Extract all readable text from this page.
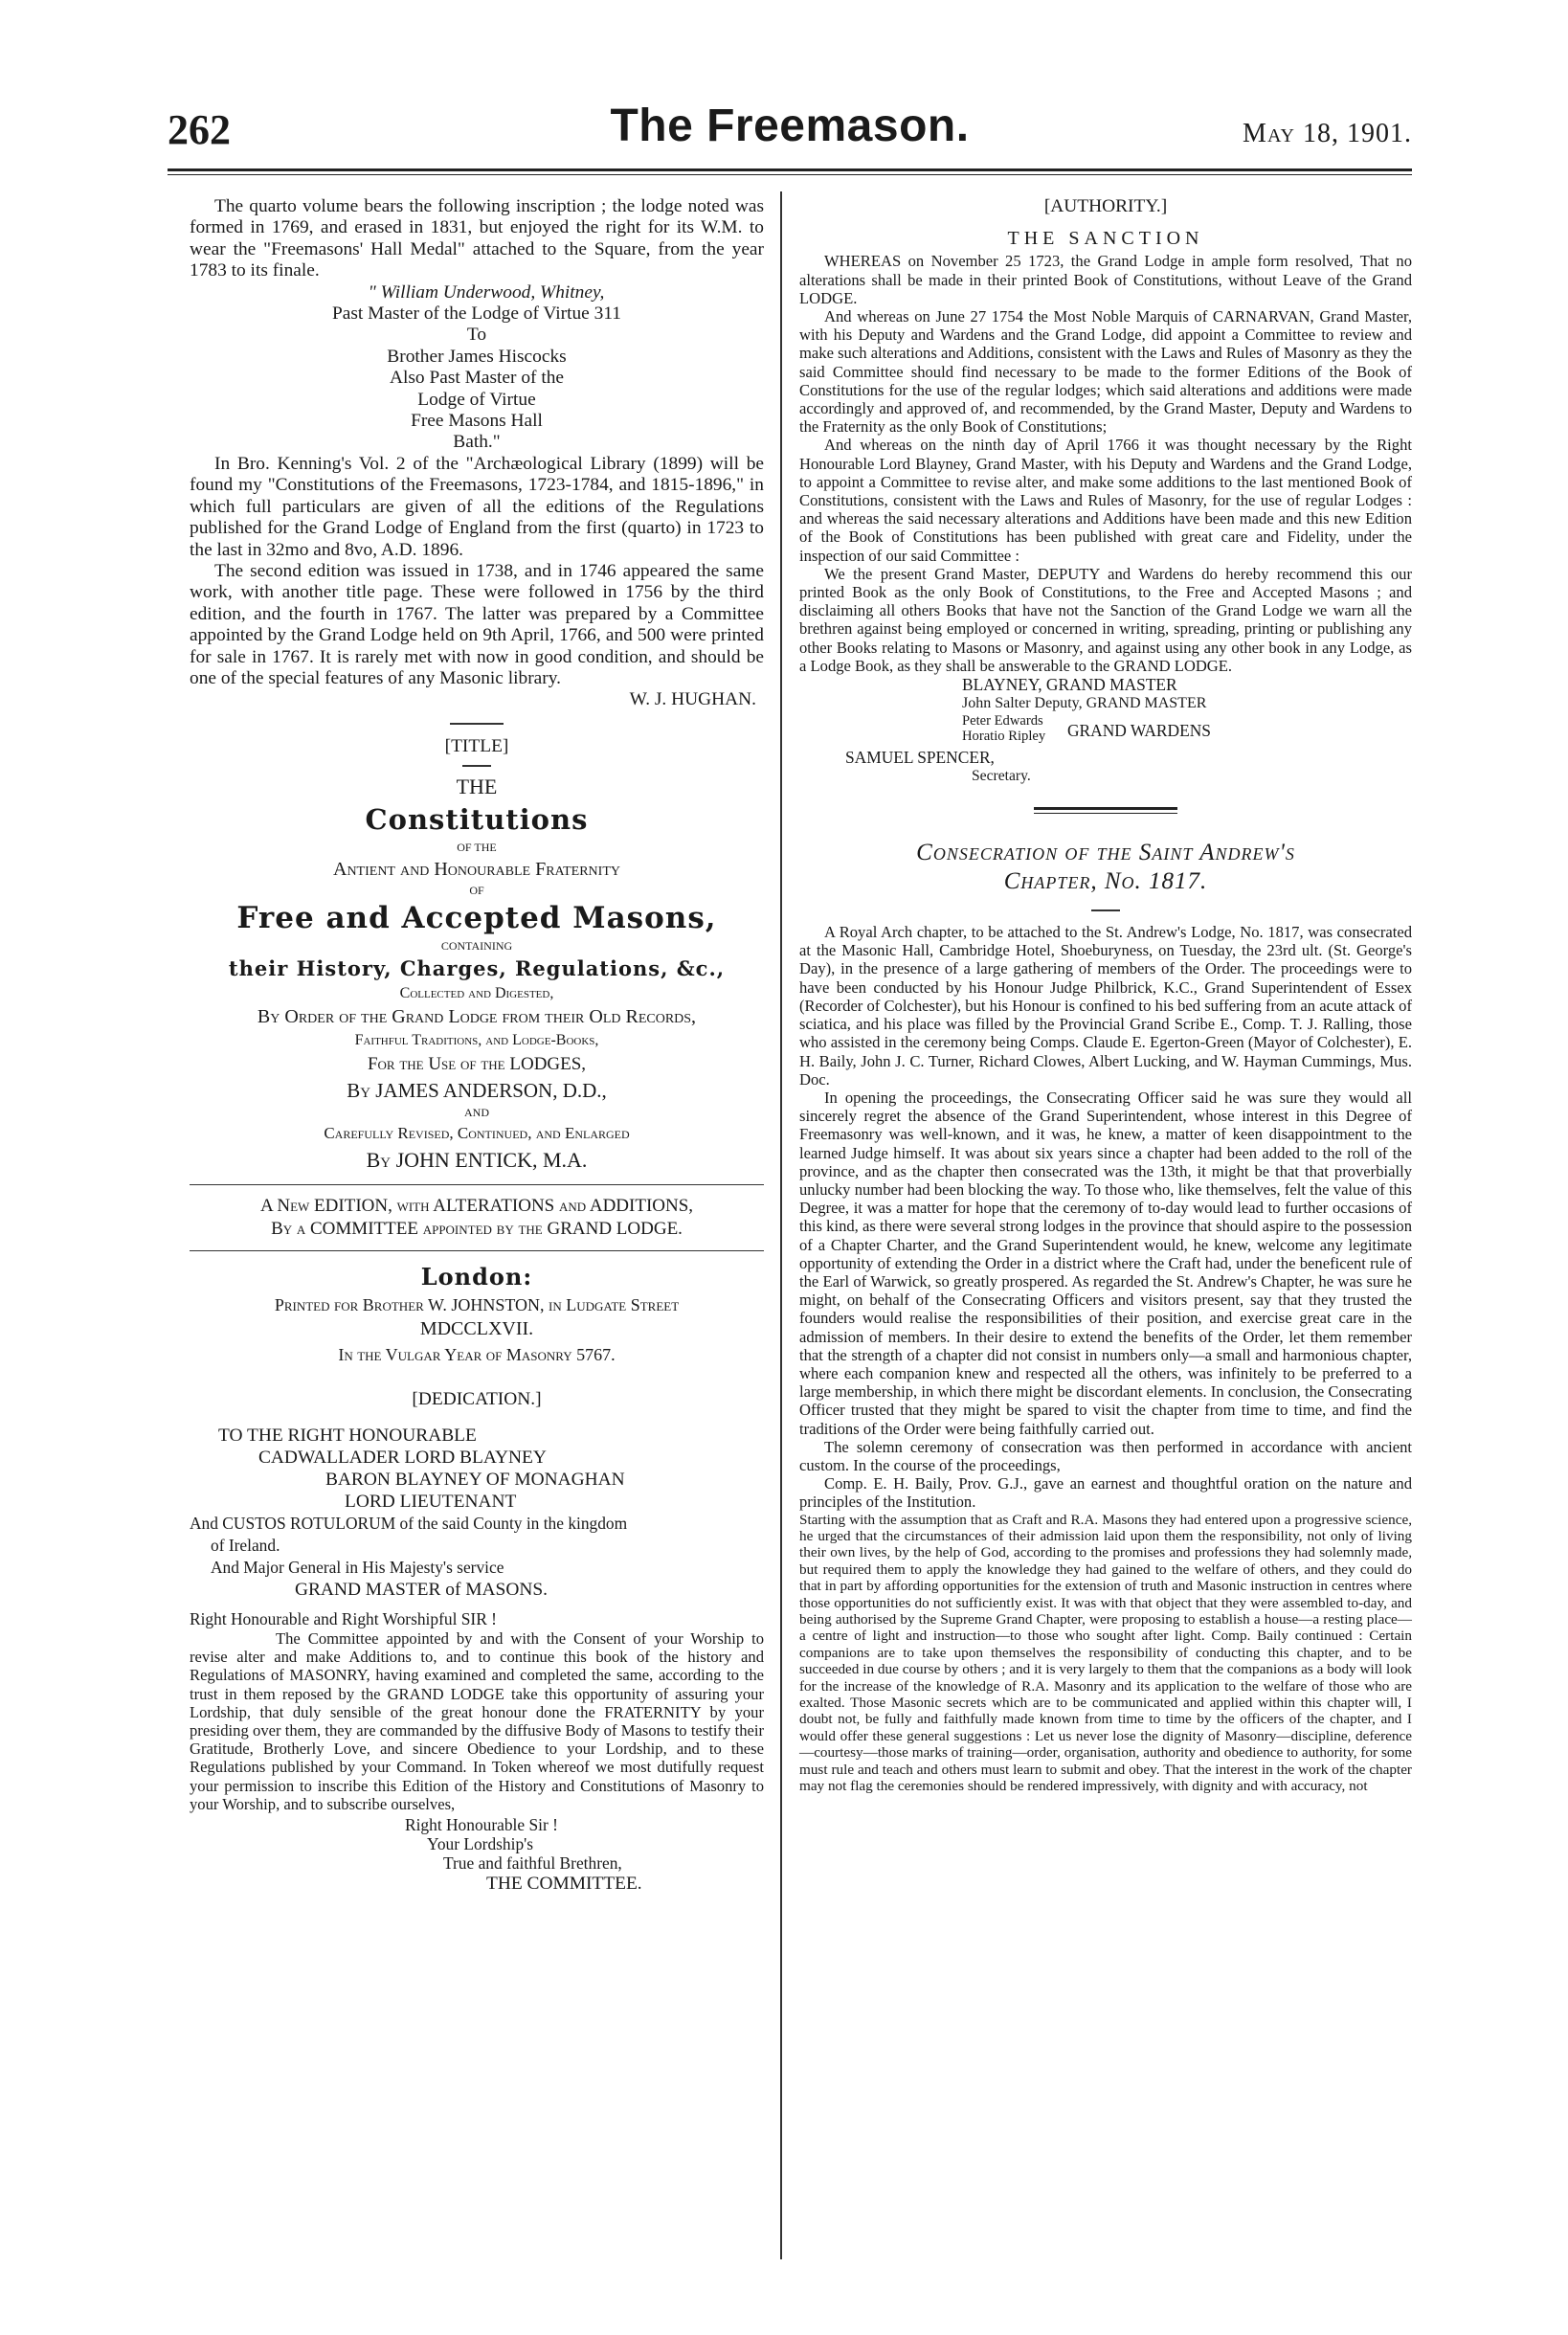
262	The Freemason.	May 18, 1901.

The quarto volume bears the following inscription ; the lodge noted was formed in 1769, and erased in 1831, but enjoyed the right for its W.M. to wear the "Freemasons' Hall Medal" attached to the Square, from the year 1783 to its finale.

" William Underwood, Whitney,
Past Master of the Lodge of Virtue 311
To
Brother James Hiscocks
Also Past Master of the
Lodge of Virtue
Free Masons Hall
Bath."

In Bro. Kenning's Vol. 2 of the "Archæological Library (1899) will be found my "Constitutions of the Freemasons, 1723-1784, and 1815-1896," in which full particulars are given of all the editions of the Regulations published for the Grand Lodge of England from the first (quarto) in 1723 to the last in 32mo and 8vo, A.D. 1896.

The second edition was issued in 1738, and in 1746 appeared the same work, with another title page. These were followed in 1756 by the third edition, and the fourth in 1767. The latter was prepared by a Committee appointed by the Grand Lodge held on 9th April, 1766, and 500 were printed for sale in 1767. It is rarely met with now in good condition, and should be one of the special features of any Masonic library.

W. J. HUGHAN.

[TITLE]

THE
Constitutions
OF THE
Antient and Honourable Fraternity
OF
Free and Accepted Masons,
CONTAINING
their History, Charges, Regulations, &c.,
Collected and Digested,
By Order of the Grand Lodge from their Old Records,
Faithful Traditions, and Lodge-Books,
For the Use of the LODGES,
By JAMES ANDERSON, D.D.,
AND
Carefully Revised, Continued, and Enlarged
By JOHN ENTICK, M.A.
A New EDITION, with ALTERATIONS and ADDITIONS,
By a COMMITTEE appointed by the GRAND LODGE.
London:
Printed for Brother W. JOHNSTON, in Ludgate Street
MDCCLXVII.
In the Vulgar Year of Masonry 5767.

[DEDICATION.]

TO THE RIGHT HONOURABLE
CADWALLADER LORD BLAYNEY
BARON BLAYNEY OF MONAGHAN
LORD LIEUTENANT
And CUSTOS ROTULORUM of the said County in the kingdom
of Ireland.
And Major General in His Majesty's service
GRAND MASTER of MASONS.

Right Honourable and Right Worshipful SIR !

The Committee appointed by and with the Consent of your Worship to revise alter and make Additions to, and to continue this book of the history and Regulations of MASONRY, having examined and completed the same, according to the trust in them reposed by the GRAND LODGE take this opportunity of assuring your Lordship, that duly sensible of the great honour done the FRATERNITY by your presiding over them, they are commanded by the diffusive Body of Masons to testify their Gratitude, Brotherly Love, and sincere Obedience to your Lordship, and to these Regulations published by your Command. In Token whereof we most dutifully request your permission to inscribe this Edition of the History and Constitutions of Masonry to your Worship, and to subscribe ourselves,

Right Honourable Sir !
Your Lordship's
True and faithful Brethren,
THE COMMITTEE.

[AUTHORITY.]

THE SANCTION

WHEREAS on November 25 1723, the Grand Lodge in ample form resolved, That no alterations shall be made in their printed Book of Constitutions, without Leave of the Grand LODGE.

And whereas on June 27 1754 the Most Noble Marquis of CARNARVAN, Grand Master, with his Deputy and Wardens and the Grand Lodge, did appoint a Committee to review and make such alterations and Additions, consistent with the Laws and Rules of Masonry as they the said Committee should find necessary to be made to the former Editions of the Book of Constitutions for the use of the regular lodges; which said alterations and additions were made accordingly and approved of, and recommended, by the Grand Master, Deputy and Wardens to the Fraternity as the only Book of Constitutions;

And whereas on the ninth day of April 1766 it was thought necessary by the Right Honourable Lord Blayney, Grand Master, with his Deputy and Wardens and the Grand Lodge, to appoint a Committee to revise alter, and make some additions to the last mentioned Book of Constitutions, consistent with the Laws and Rules of Masonry, for the use of regular Lodges : and whereas the said necessary alterations and Additions have been made and this new Edition of the Book of Constitutions has been published with great care and Fidelity, under the inspection of our said Committee :

We the present Grand Master, DEPUTY and Wardens do hereby recommend this our printed Book as the only Book of Constitutions, to the Free and Accepted Masons ; and disclaiming all others Books that have not the Sanction of the Grand Lodge we warn all the brethren against being employed or concerned in writing, spreading, printing or publishing any other Books relating to Masons or Masonry, and against using any other book in any Lodge, as a Lodge Book, as they shall be answerable to the GRAND LODGE.

BLAYNEY, GRAND MASTER
John Salter Deputy, GRAND MASTER
Peter Edwards
Horatio Ripley	GRAND WARDENS
SAMUEL SPENCER,
Secretary.
Consecration of the Saint Andrew's
Chapter, No. 1817.

A Royal Arch chapter, to be attached to the St. Andrew's Lodge, No. 1817, was consecrated at the Masonic Hall, Cambridge Hotel, Shoeburyness, on Tuesday, the 23rd ult. (St. George's Day), in the presence of a large gathering of members of the Order. The proceedings were to have been conducted by his Honour Judge Philbrick, K.C., Grand Superintendent of Essex (Recorder of Colchester), but his Honour is confined to his bed suffering from an acute attack of sciatica, and his place was filled by the Provincial Grand Scribe E., Comp. T. J. Ralling, those who assisted in the ceremony being Comps. Claude E. Egerton-Green (Mayor of Colchester), E. H. Baily, John J. C. Turner, Richard Clowes, Albert Lucking, and W. Hayman Cummings, Mus. Doc.

In opening the proceedings, the Consecrating Officer said he was sure they would all sincerely regret the absence of the Grand Superintendent, whose interest in this Degree of Freemasonry was well-known, and it was, he knew, a matter of keen disappointment to the learned Judge himself. It was about six years since a chapter had been added to the roll of the province, and as the chapter then consecrated was the 13th, it might be that that proverbially unlucky number had been blocking the way. To those who, like themselves, felt the value of this Degree, it was a matter for hope that the ceremony of to-day would lead to further occasions of this kind, as there were several strong lodges in the province that should aspire to the possession of a Chapter Charter, and the Grand Superintendent would, he knew, welcome any legitimate opportunity of extending the Order in a district where the Craft had, under the beneficent rule of the Earl of Warwick, so greatly prospered. As regarded the St. Andrew's Chapter, he was sure he might, on behalf of the Consecrating Officers and visitors present, say that they trusted the founders would realise the responsibilities of their position, and exercise great care in the admission of members. In their desire to extend the benefits of the Order, let them remember that the strength of a chapter did not consist in numbers only—a small and harmonious chapter, where each companion knew and respected all the others, was infinitely to be preferred to a large membership, in which there might be discordant elements. In conclusion, the Consecrating Officer trusted that they might be spared to visit the chapter from time to time, and find the traditions of the Order were being faithfully carried out.

The solemn ceremony of consecration was then performed in accordance with ancient custom. In the course of the proceedings,

Comp. E. H. Baily, Prov. G.J., gave an earnest and thoughtful oration on the nature and principles of the Institution.

Starting with the assumption that as Craft and R.A. Masons they had entered upon a progressive science, he urged that the circumstances of their admission laid upon them the responsibility, not only of living their own lives, by the help of God, according to the promises and professions they had solemnly made, but required them to apply the knowledge they had gained to the welfare of others, and they could do that in part by affording opportunities for the extension of truth and Masonic instruction in centres where those opportunities do not sufficiently exist. It was with that object that they were assembled to-day, and being authorised by the Supreme Grand Chapter, were proposing to establish a house—a resting place—a centre of light and instruction—to those who sought after light. Comp. Baily continued : Certain companions are to take upon themselves the responsibility of conducting this chapter, and to be succeeded in due course by others ; and it is very largely to them that the companions as a body will look for the increase of the knowledge of R.A. Masonry and its application to the welfare of those who are exalted. Those Masonic secrets which are to be communicated and applied within this chapter will, I doubt not, be fully and faithfully made known from time to time by the officers of the chapter, and I would offer these general suggestions : Let us never lose the dignity of Masonry—discipline, deference—courtesy—those marks of training—order, organisation, authority and obedience to authority, for some must rule and teach and others must learn to submit and obey. That the interest in the work of the chapter may not flag the ceremonies should be rendered impressively, with dignity and with accuracy, not
